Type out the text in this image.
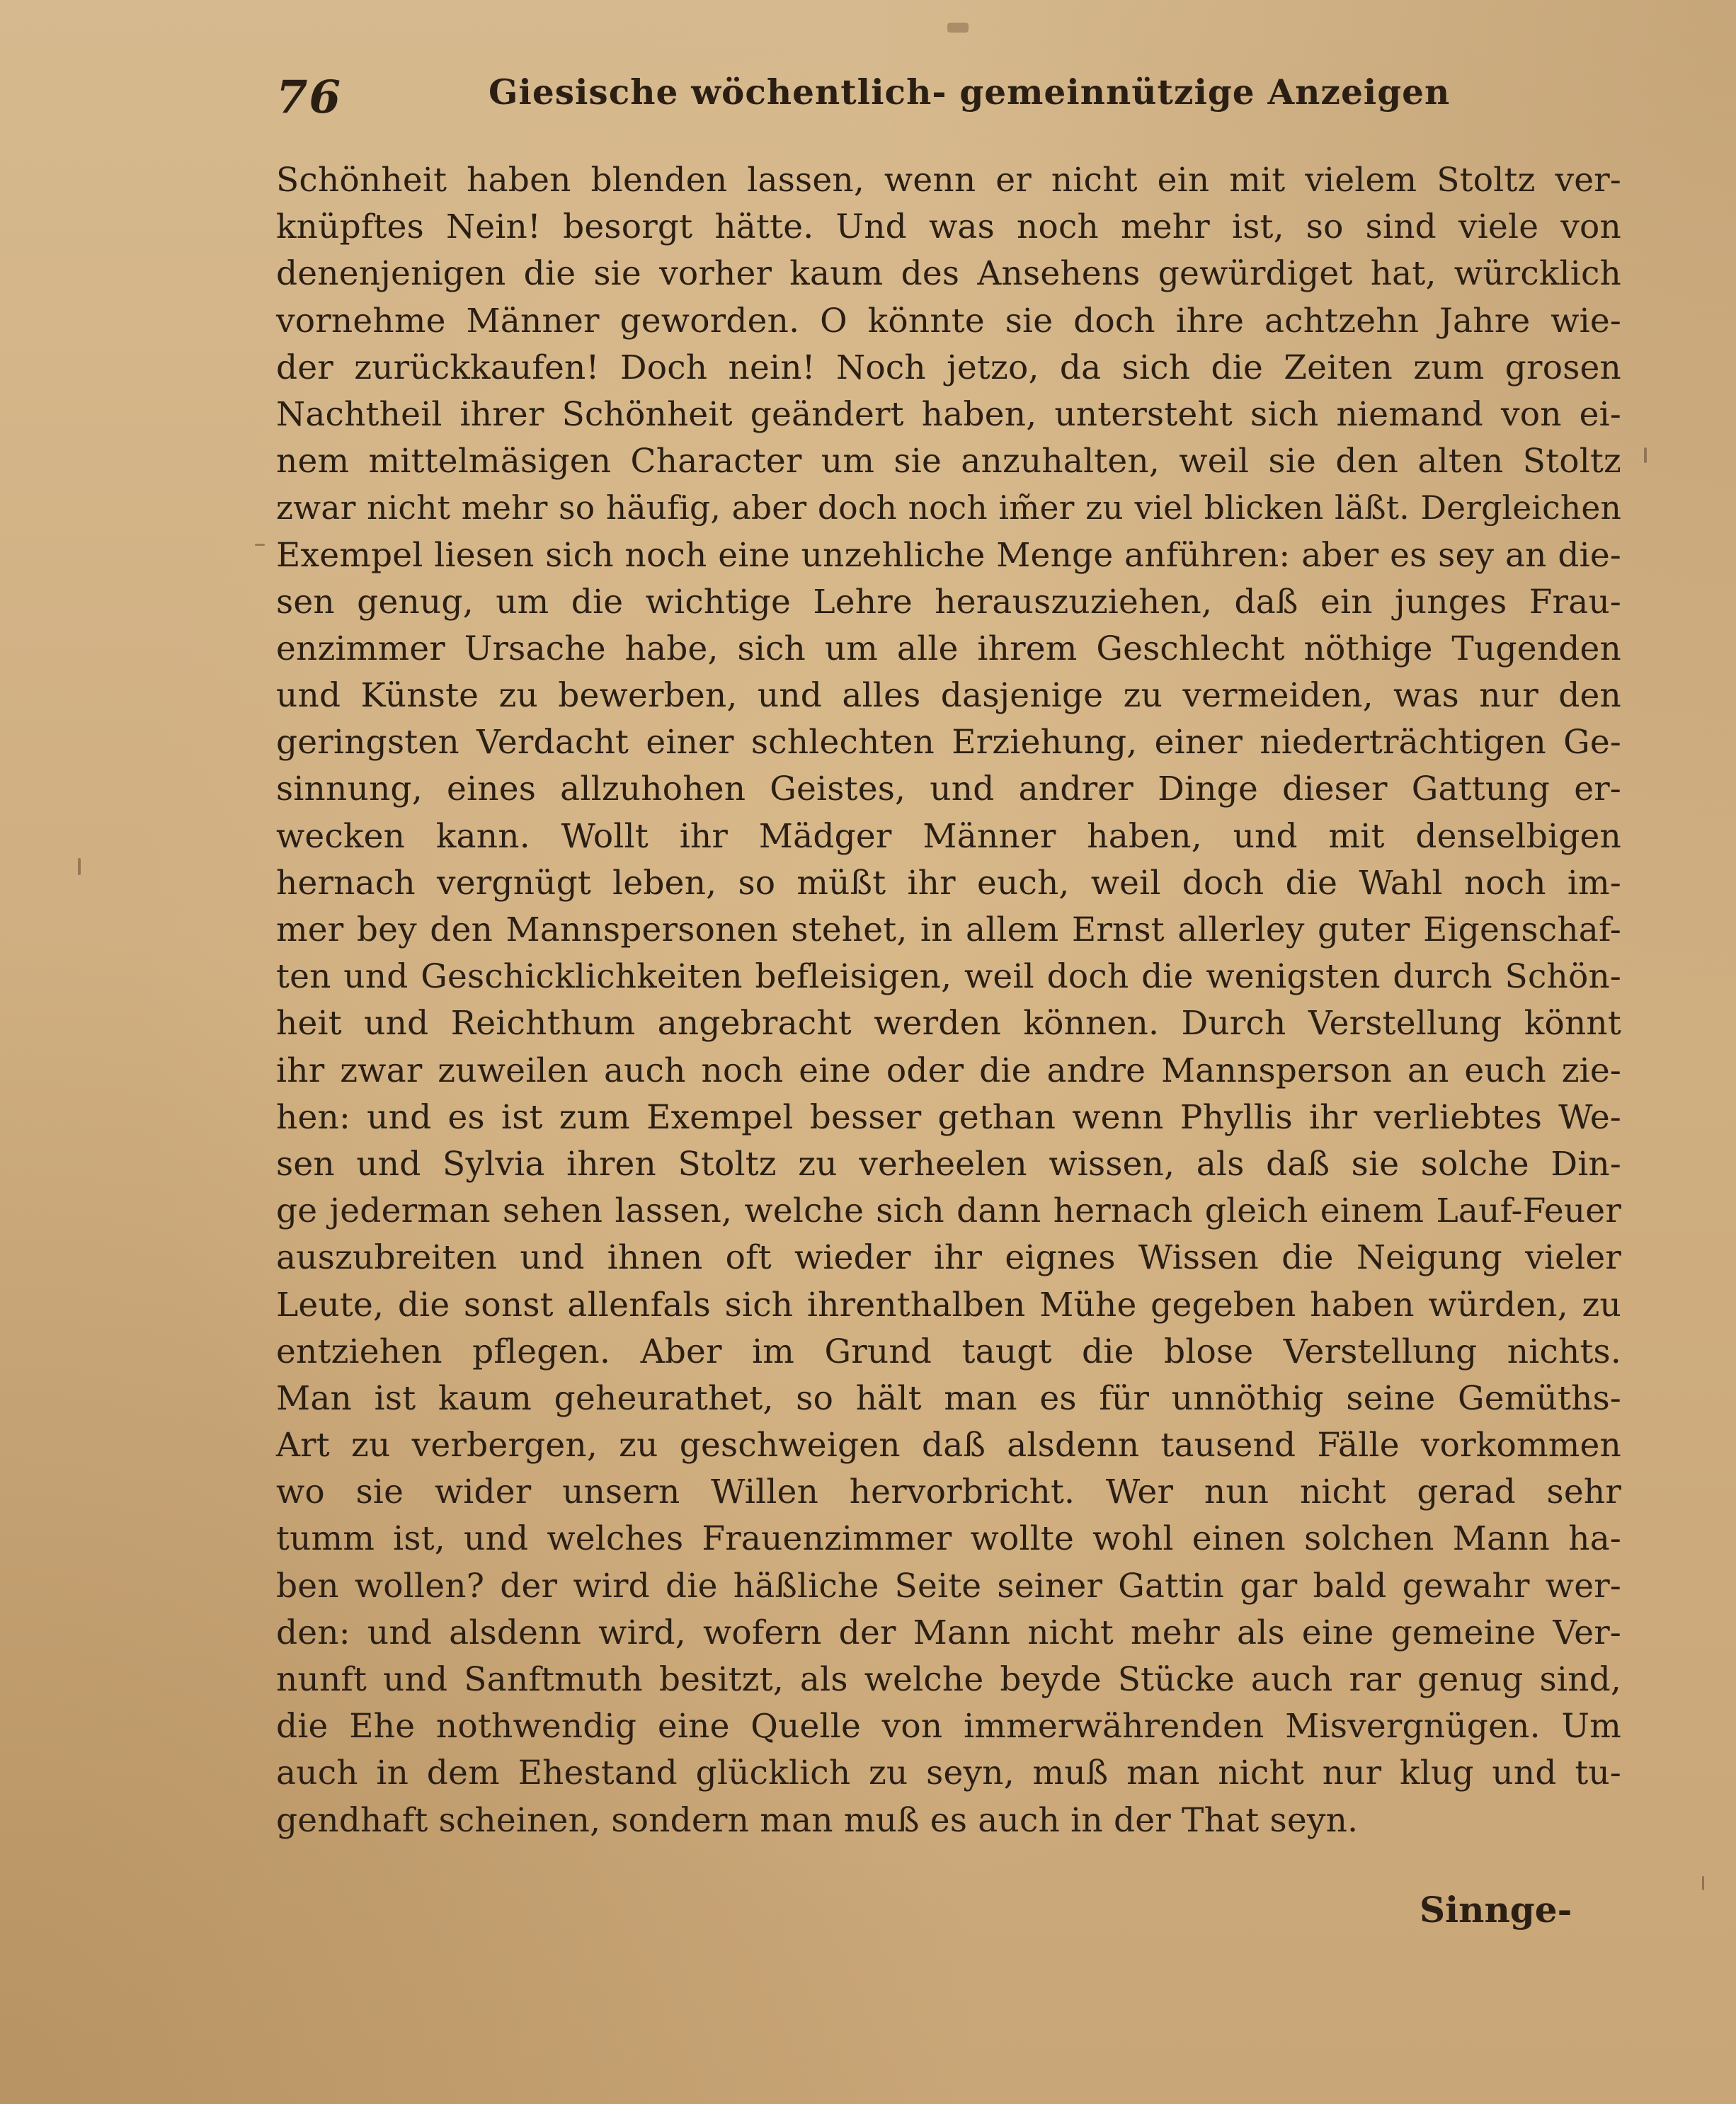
76	Giesische wöchentlich- gemeinnützige Anzeigen
Schönheit haben blenden lassen, wenn er nicht ein mit vielem Stoltz ver-
knüpftes Nein! besorgt hätte. Und was noch mehr ist, so sind viele von
denenjenigen die sie vorher kaum des Ansehens gewürdiget hat, würcklich
vornehme Männer geworden. O könnte sie doch ihre achtzehn Jahre wie-
der zurückkaufen! Doch nein! Noch jetzo, da sich die Zeiten zum grosen
Nachtheil ihrer Schönheit geändert haben, untersteht sich niemand von ei-
nem mittelmäsigen Character um sie anzuhalten, weil sie den alten Stoltz
zwar nicht mehr so häufig, aber doch noch im̃er zu viel blicken läßt. Dergleichen
Exempel liesen sich noch eine unzehliche Menge anführen: aber es sey an die-
sen genug, um die wichtige Lehre herauszuziehen, daß ein junges Frau-
enzimmer Ursache habe, sich um alle ihrem Geschlecht nöthige Tugenden
und Künste zu bewerben, und alles dasjenige zu vermeiden, was nur den
geringsten Verdacht einer schlechten Erziehung, einer niederträchtigen Ge-
sinnung, eines allzuhohen Geistes, und andrer Dinge dieser Gattung er-
wecken kann. Wollt ihr Mädger Männer haben, und mit denselbigen
hernach vergnügt leben, so müßt ihr euch, weil doch die Wahl noch im-
mer bey den Mannspersonen stehet, in allem Ernst allerley guter Eigenschaf-
ten und Geschicklichkeiten befleisigen, weil doch die wenigsten durch Schön-
heit und Reichthum angebracht werden können. Durch Verstellung könnt
ihr zwar zuweilen auch noch eine oder die andre Mannsperson an euch zie-
hen: und es ist zum Exempel besser gethan wenn Phyllis ihr verliebtes We-
sen und Sylvia ihren Stoltz zu verheelen wissen, als daß sie solche Din-
ge jederman sehen lassen, welche sich dann hernach gleich einem Lauf-Feuer
auszubreiten und ihnen oft wieder ihr eignes Wissen die Neigung vieler
Leute, die sonst allenfals sich ihrenthalben Mühe gegeben haben würden, zu
entziehen pflegen. Aber im Grund taugt die blose Verstellung nichts.
Man ist kaum geheurathet, so hält man es für unnöthig seine Gemüths-
Art zu verbergen, zu geschweigen daß alsdenn tausend Fälle vorkommen
wo sie wider unsern Willen hervorbricht. Wer nun nicht gerad sehr
tumm ist, und welches Frauenzimmer wollte wohl einen solchen Mann ha-
ben wollen? der wird die häßliche Seite seiner Gattin gar bald gewahr wer-
den: und alsdenn wird, wofern der Mann nicht mehr als eine gemeine Ver-
nunft und Sanftmuth besitzt, als welche beyde Stücke auch rar genug sind,
die Ehe nothwendig eine Quelle von immerwährenden Misvergnügen. Um
auch in dem Ehestand glücklich zu seyn, muß man nicht nur klug und tu-
gendhaft scheinen, sondern man muß es auch in der That seyn.
Sinnge-
